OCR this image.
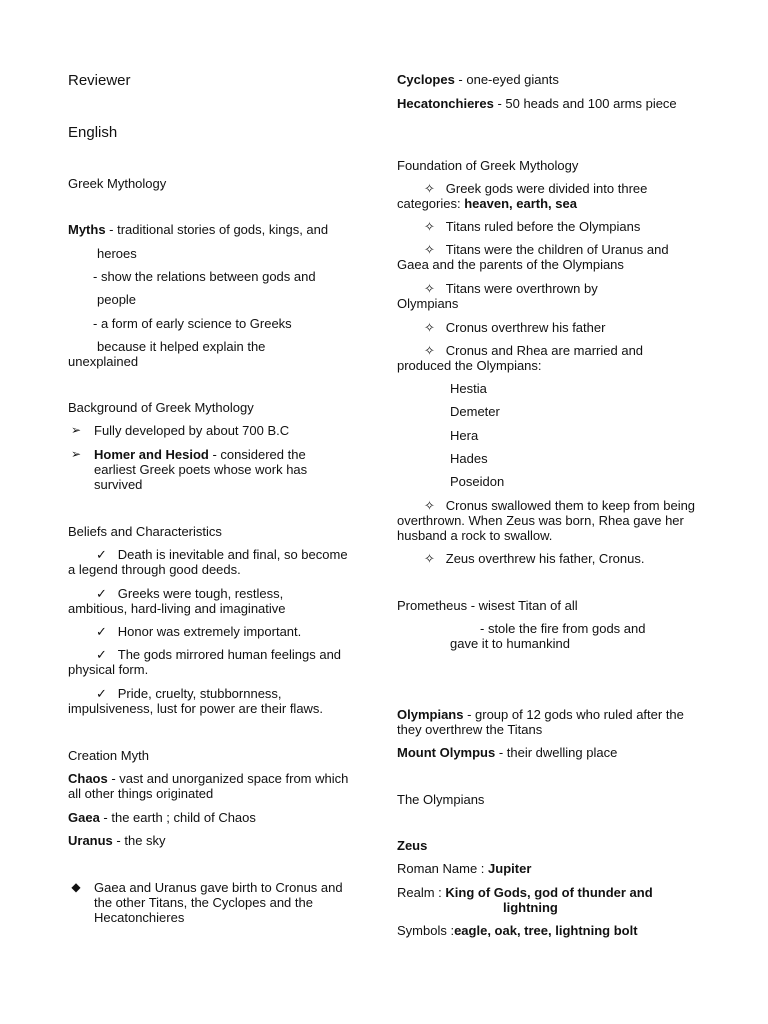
Reviewer
English
Greek Mythology
Myths - traditional stories of gods, kings, and
heroes
- show the relations between gods and
people
- a form of early science to Greeks
because it helped explain the
unexplained
Background of Greek Mythology
➢ Fully developed by about 700 B.C
➢ Homer and Hesiod - considered the earliest Greek poets whose work has survived
Beliefs and Characteristics
✓ Death is inevitable and final, so become a legend through good deeds.
✓ Greeks were tough, restless, ambitious, hard-living and imaginative
✓ Honor was extremely important.
✓ The gods mirrored human feelings and physical form.
✓ Pride, cruelty, stubbornness, impulsiveness, lust for power are their flaws.
Creation Myth
Chaos - vast and unorganized space from which all other things originated
Gaea - the earth ; child of Chaos
Uranus - the sky
◆ Gaea and Uranus gave birth to Cronus and the other Titans, the Cyclopes and the Hecatonchieres
Cyclopes - one-eyed giants
Hecatonchieres - 50 heads and 100 arms piece
Foundation of Greek Mythology
✧ Greek gods were divided into three categories: heaven, earth, sea
✧ Titans ruled before the Olympians
✧ Titans were the children of Uranus and Gaea and the parents of the Olympians
✧ Titans were overthrown by Olympians
✧ Cronus overthrew his father
✧ Cronus and Rhea are married and produced the Olympians:
Hestia
Demeter
Hera
Hades
Poseidon
✧ Cronus swallowed them to keep from being overthrown. When Zeus was born, Rhea gave her husband a rock to swallow.
✧ Zeus overthrew his father, Cronus.
Prometheus - wisest Titan of all
- stole the fire from gods and
gave it to humankind
Olympians - group of 12 gods who ruled after the they overthrew the Titans
Mount Olympus - their dwelling place
The Olympians
Zeus
Roman Name : Jupiter
Realm : King of Gods, god of thunder and
lightning
Symbols :eagle, oak, tree, lightning bolt
